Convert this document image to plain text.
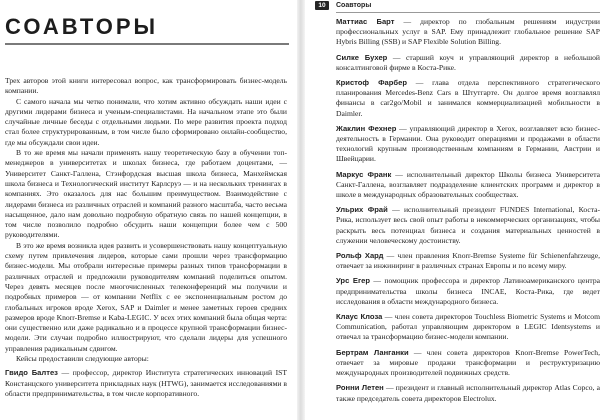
СОАВТОРЫ

Трех авторов этой книги интересовал вопрос, как трансформировать бизнес-модель компании.

С самого начала мы четко понимали, что хотим активно обсуждать наши идеи с другими лидерами бизнеса и ученым-специалистами. На начальном этапе это были случайные личные беседы с отдельными людьми. По мере развития проекта подход стал более структурированным, в том числе было сформировано онлайн-сообщество, где мы обсуждали свои идеи.

В то же время мы начали применять нашу теоретическую базу в обучении топ-менеджеров в университетах и школах бизнеса, где работаем доцентами, — Университет Санкт-Галлена, Стэнфордская высшая школа бизнеса, Манхеймская школа бизнеса и Технологический институт Карлсруэ — и на нескольких тренингах в компаниях. Это оказалось для нас большим преимуществом. Взаимодействие с лидерами бизнеса из различных отраслей и компаний разного масштаба, часто весьма насыщенное, дало нам довольно подробную обратную связь по нашей концепции, в том числе позволило подробно обсудить наши концепции более чем с 500 руководителями.

В это же время возникла идея развить и усовершенствовать нашу концептуальную схему путем привлечения лидеров, которые сами прошли через трансформацию бизнес-модели. Мы отобрали интересные примеры разных типов трансформации в различных отраслей и предложили руководителям компаний поделиться опытом. Через девять месяцев после многочисленных телеконференций мы получили и подробных примеров — от компании Netflix с ее экспоненциальным ростом до глобальных игроков вроде Xerox, SAP и Daimler и менее заметных героев средних размеров вроде Knorr-Bremse и Kaba-LEGIC. У всех этих компаний была общая черта: они существенно или даже радикально и в процессе крупной трансформации бизнес-модели. Эти случаи подробно иллюстрируют, что сделали лидеры для успешного управления радикальным сдвигом.

Кейсы предоставили следующие авторы:

Гвидо Балтез — профессор, директор Института стратегических инноваций IST Констанцского университета прикладных наук (HTWG), занимается исследованиями в области предпринимательства, в том числе корпоративного.

10	Соавторы

Маттиас Барт — директор по глобальным решениям индустрии профессиональных услуг в SAP. Ему принадлежит глобальное решение SAP Hybris Billing (SSB) и SAP Flexible Solution Billing.

Силке Бухер — старший коуч и управляющий директор в небольшой консалтинговой фирме в Коста-Рике.

Кристоф Фарбер — глава отдела перспективного стратегического планирования Mercedes-Benz Cars в Штутгарте. Он долгое время возглавлял финансы в car2go/Mobil и занимался коммерциализацией мобильности в Daimler.

Жаклин Фехнер — управляющий директор в Xerox, возглавляет всю бизнес-деятельность в Германии. Она руководит операциями и продажами в области технологий крупным производственным компаниям в Германии, Австрии и Швейцарии.

Маркус Франк — исполнительный директор Школы бизнеса Университета Санкт-Галлена, возглавляет подразделение клиентских программ и директор в школе в международных образовательных сообществах.

Ульрих Фрай — исполнительный президент FUNDES International, Коста-Рика, использует весь свой опыт работы в некоммерческих организациях, чтобы раскрыть весь потенциал бизнеса и создания материальных ценностей в служении человеческому достоинству.

Рольф Хард — член правления Knorr-Bremse Systeme für Schienenfahrzeuge, отвечает за инжиниринг в различных странах Европы и по всему миру.

Урс Егер — помощник профессора и директор Латиноамериканского центра предпринимательства школы бизнеса INCAE, Коста-Рика, где ведет исследования в области международного бизнеса.

Клаус Клоза — член совета директоров Touchless Biometric Systems и Motcom Communication, работал управляющим директором в LEGIC Identsystems и отвечал за трансформацию бизнес-модели компании.

Бертрам Ланганки — член совета директоров Knorr-Bremse PowerTech, отвечает за мировые продажи трансформации и реструктуризацию международных производителей подвижных средств.

Ронни Летен — президент и главный исполнительный директор Atlas Copco, а также председатель совета директоров Electrolux.
